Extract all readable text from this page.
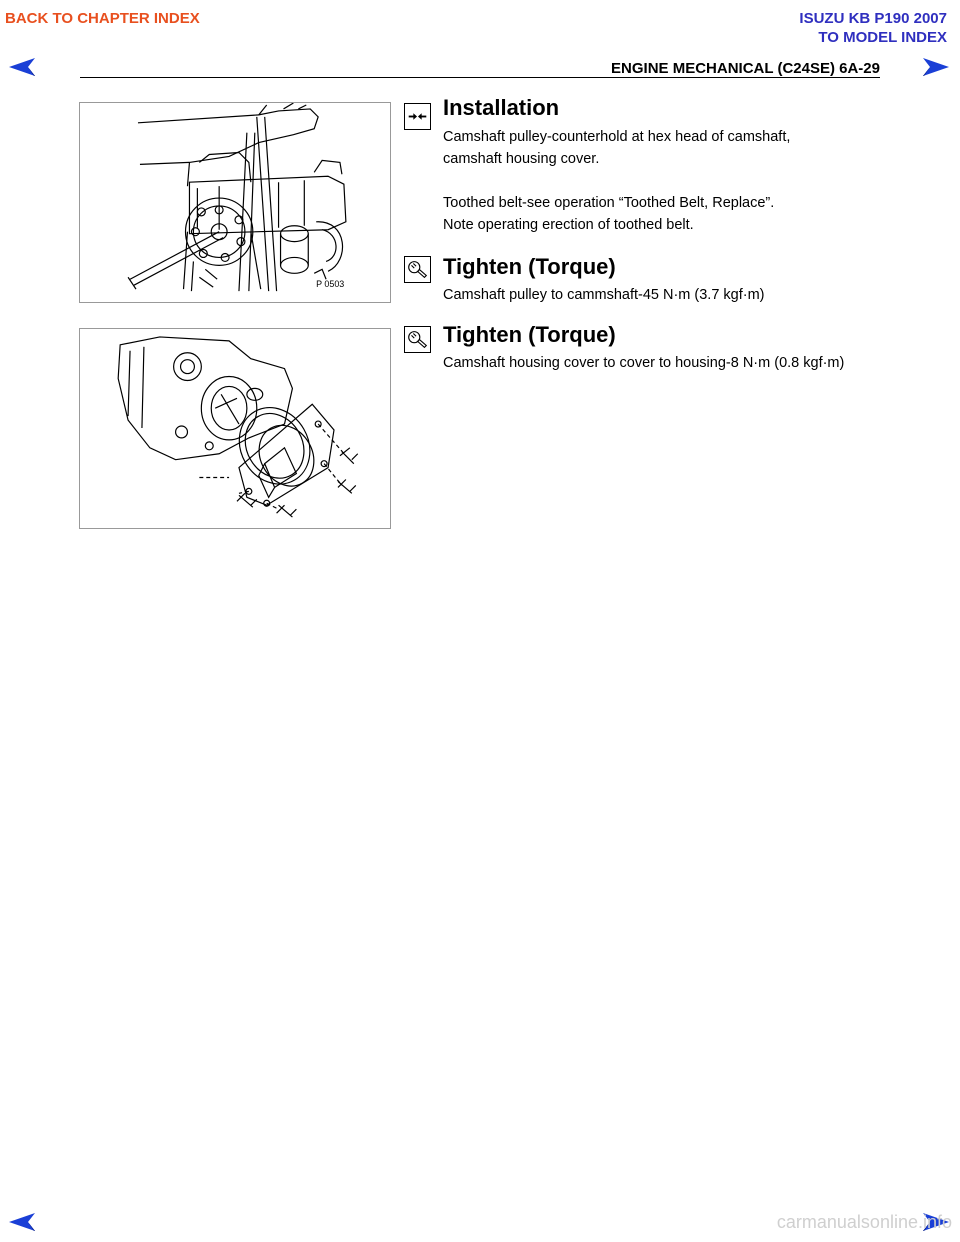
BACK TO CHAPTER INDEX	ISUZU KB P190 2007
TO MODEL INDEX
ENGINE MECHANICAL (C24SE) 6A-29
P 0503
Installation
Camshaft pulley-counterhold at hex head of camshaft,
camshaft housing cover.
Toothed belt-see operation “Toothed Belt, Replace”.
Note operating erection of toothed belt.
Tighten (Torque)
Camshaft pulley to cammshaft-45 N·m (3.7 kgf·m)
Tighten (Torque)
Camshaft housing cover to cover to housing-8 N·m (0.8 kgf·m)
carmanualsonline.info
